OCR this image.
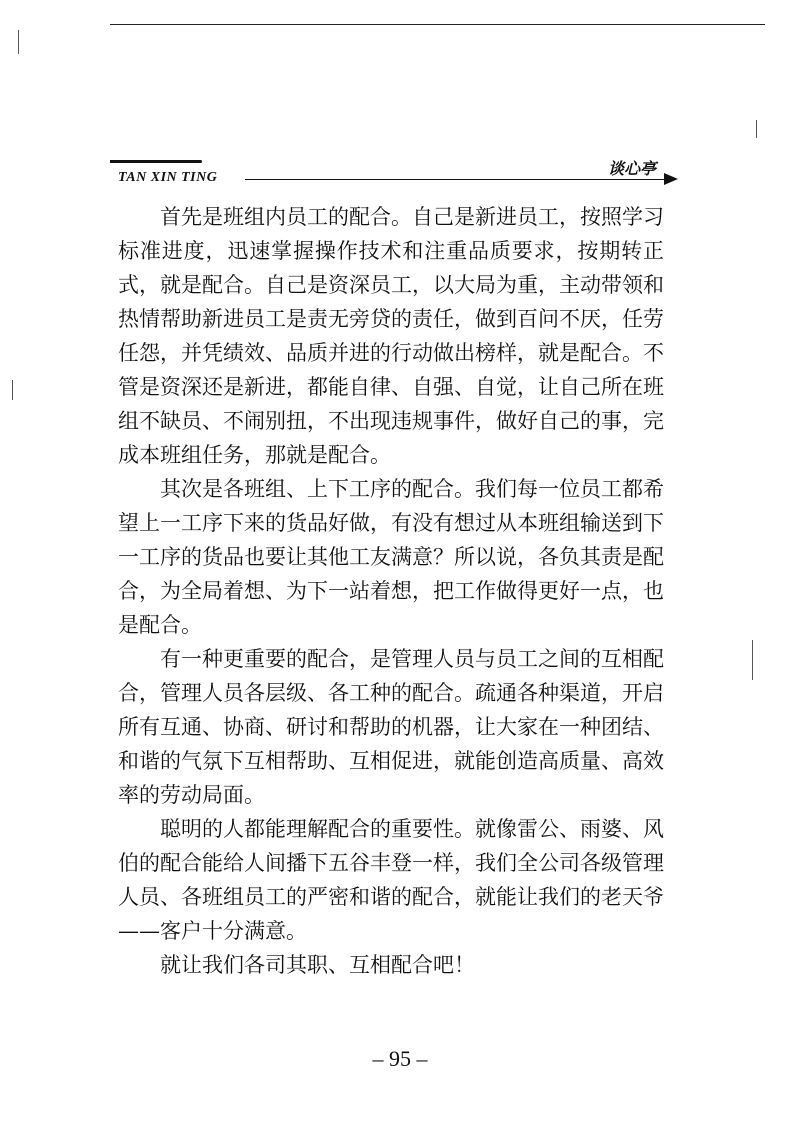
TAN XIN TING	谈心亭

首先是班组内员工的配合。自己是新进员工，按照学习标准进度，迅速掌握操作技术和注重品质要求，按期转正式，就是配合。自己是资深员工，以大局为重，主动带领和热情帮助新进员工是责无旁贷的责任，做到百问不厌，任劳任怨，并凭绩效、品质并进的行动做出榜样，就是配合。不管是资深还是新进，都能自律、自强、自觉，让自己所在班组不缺员、不闹别扭，不出现违规事件，做好自己的事，完成本班组任务，那就是配合。

其次是各班组、上下工序的配合。我们每一位员工都希望上一工序下来的货品好做，有没有想过从本班组输送到下一工序的货品也要让其他工友满意？所以说，各负其责是配合，为全局着想、为下一站着想，把工作做得更好一点，也是配合。

有一种更重要的配合，是管理人员与员工之间的互相配合，管理人员各层级、各工种的配合。疏通各种渠道，开启所有互通、协商、研讨和帮助的机器，让大家在一种团结、和谐的气氛下互相帮助、互相促进，就能创造高质量、高效率的劳动局面。

聪明的人都能理解配合的重要性。就像雷公、雨婆、风伯的配合能给人间播下五谷丰登一样，我们全公司各级管理人员、各班组员工的严密和谐的配合，就能让我们的老天爷——客户十分满意。

就让我们各司其职、互相配合吧！

– 95 –
